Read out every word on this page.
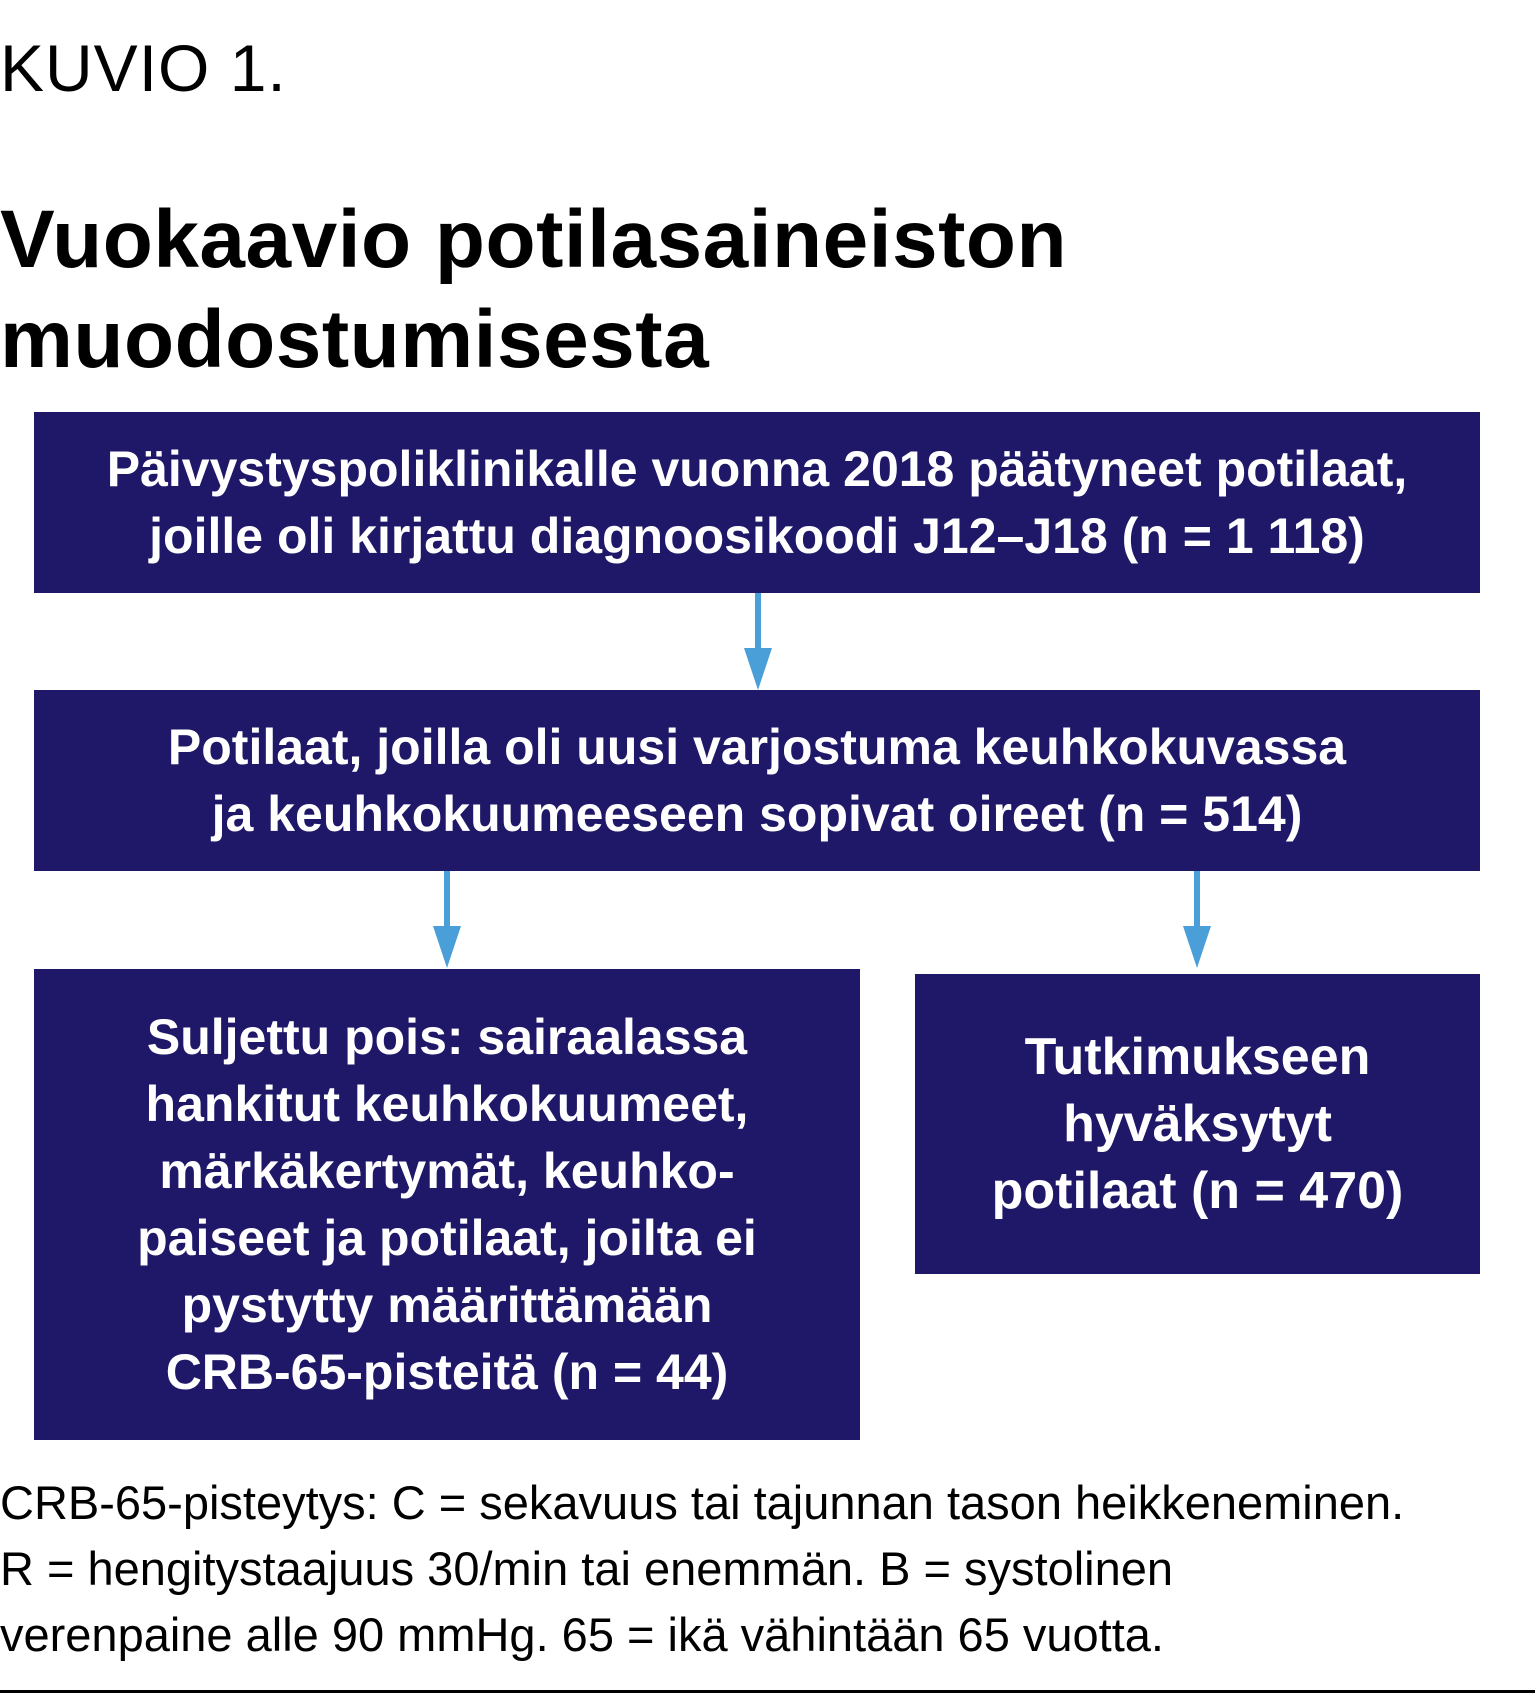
KUVIO 1.
Vuokaavio potilasaineiston
muodostumisesta
Päivystyspoliklinikalle vuonna 2018 päätyneet potilaat,
joille oli kirjattu diagnoosikoodi J12–J18 (n = 1 118)
Potilaat, joilla oli uusi varjostuma keuhkokuvassa
ja keuhkokuumeeseen sopivat oireet (n = 514)
Suljettu pois: sairaalassa
hankitut keuhkokuumeet,
märkäkertymät, keuhko-
paiseet ja potilaat, joilta ei
pystytty määrittämään
CRB-65-pisteitä (n = 44)
Tutkimukseen
hyväksytyt
potilaat (n = 470)
CRB-65-pisteytys: C = sekavuus tai tajunnan tason heikkeneminen.
R = hengitystaajuus 30/min tai enemmän. B = systolinen
verenpaine alle 90 mmHg. 65 = ikä vähintään 65 vuotta.
